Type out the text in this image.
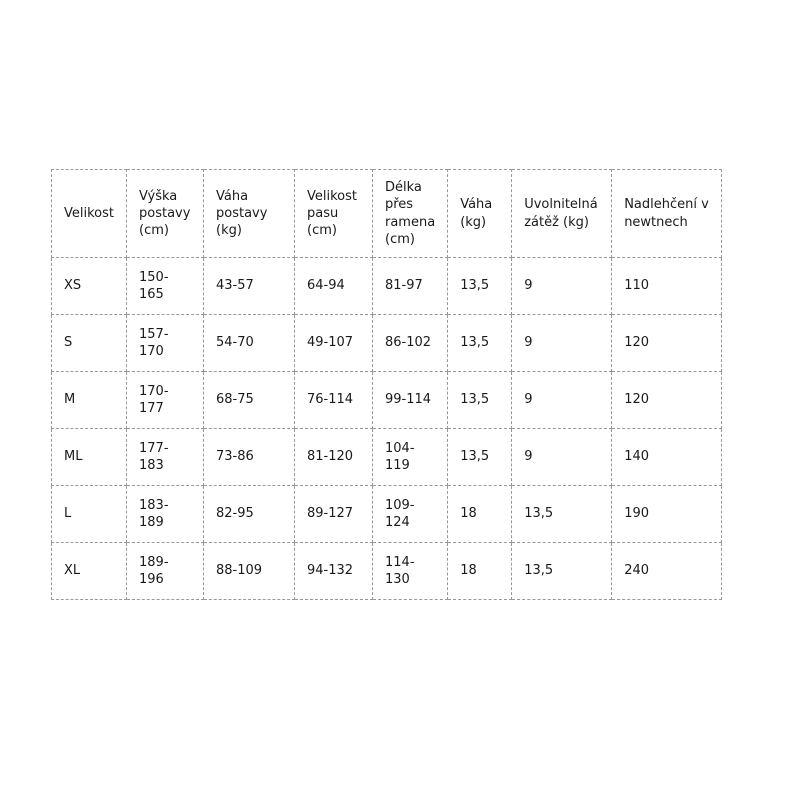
Velikost	Výška postavy (cm)	Váha postavy (kg)	Velikost pasu (cm)	Délka přes ramena (cm)	Váha (kg)	Uvolnitelná zátěž (kg)	Nadlehčení v newtnech
XS	150-165	43-57	64-94	81-97	13,5	9	110
S	157-170	54-70	49-107	86-102	13,5	9	120
M	170-177	68-75	76-114	99-114	13,5	9	120
ML	177-183	73-86	81-120	104-119	13,5	9	140
L	183-189	82-95	89-127	109-124	18	13,5	190
XL	189-196	88-109	94-132	114-130	18	13,5	240
